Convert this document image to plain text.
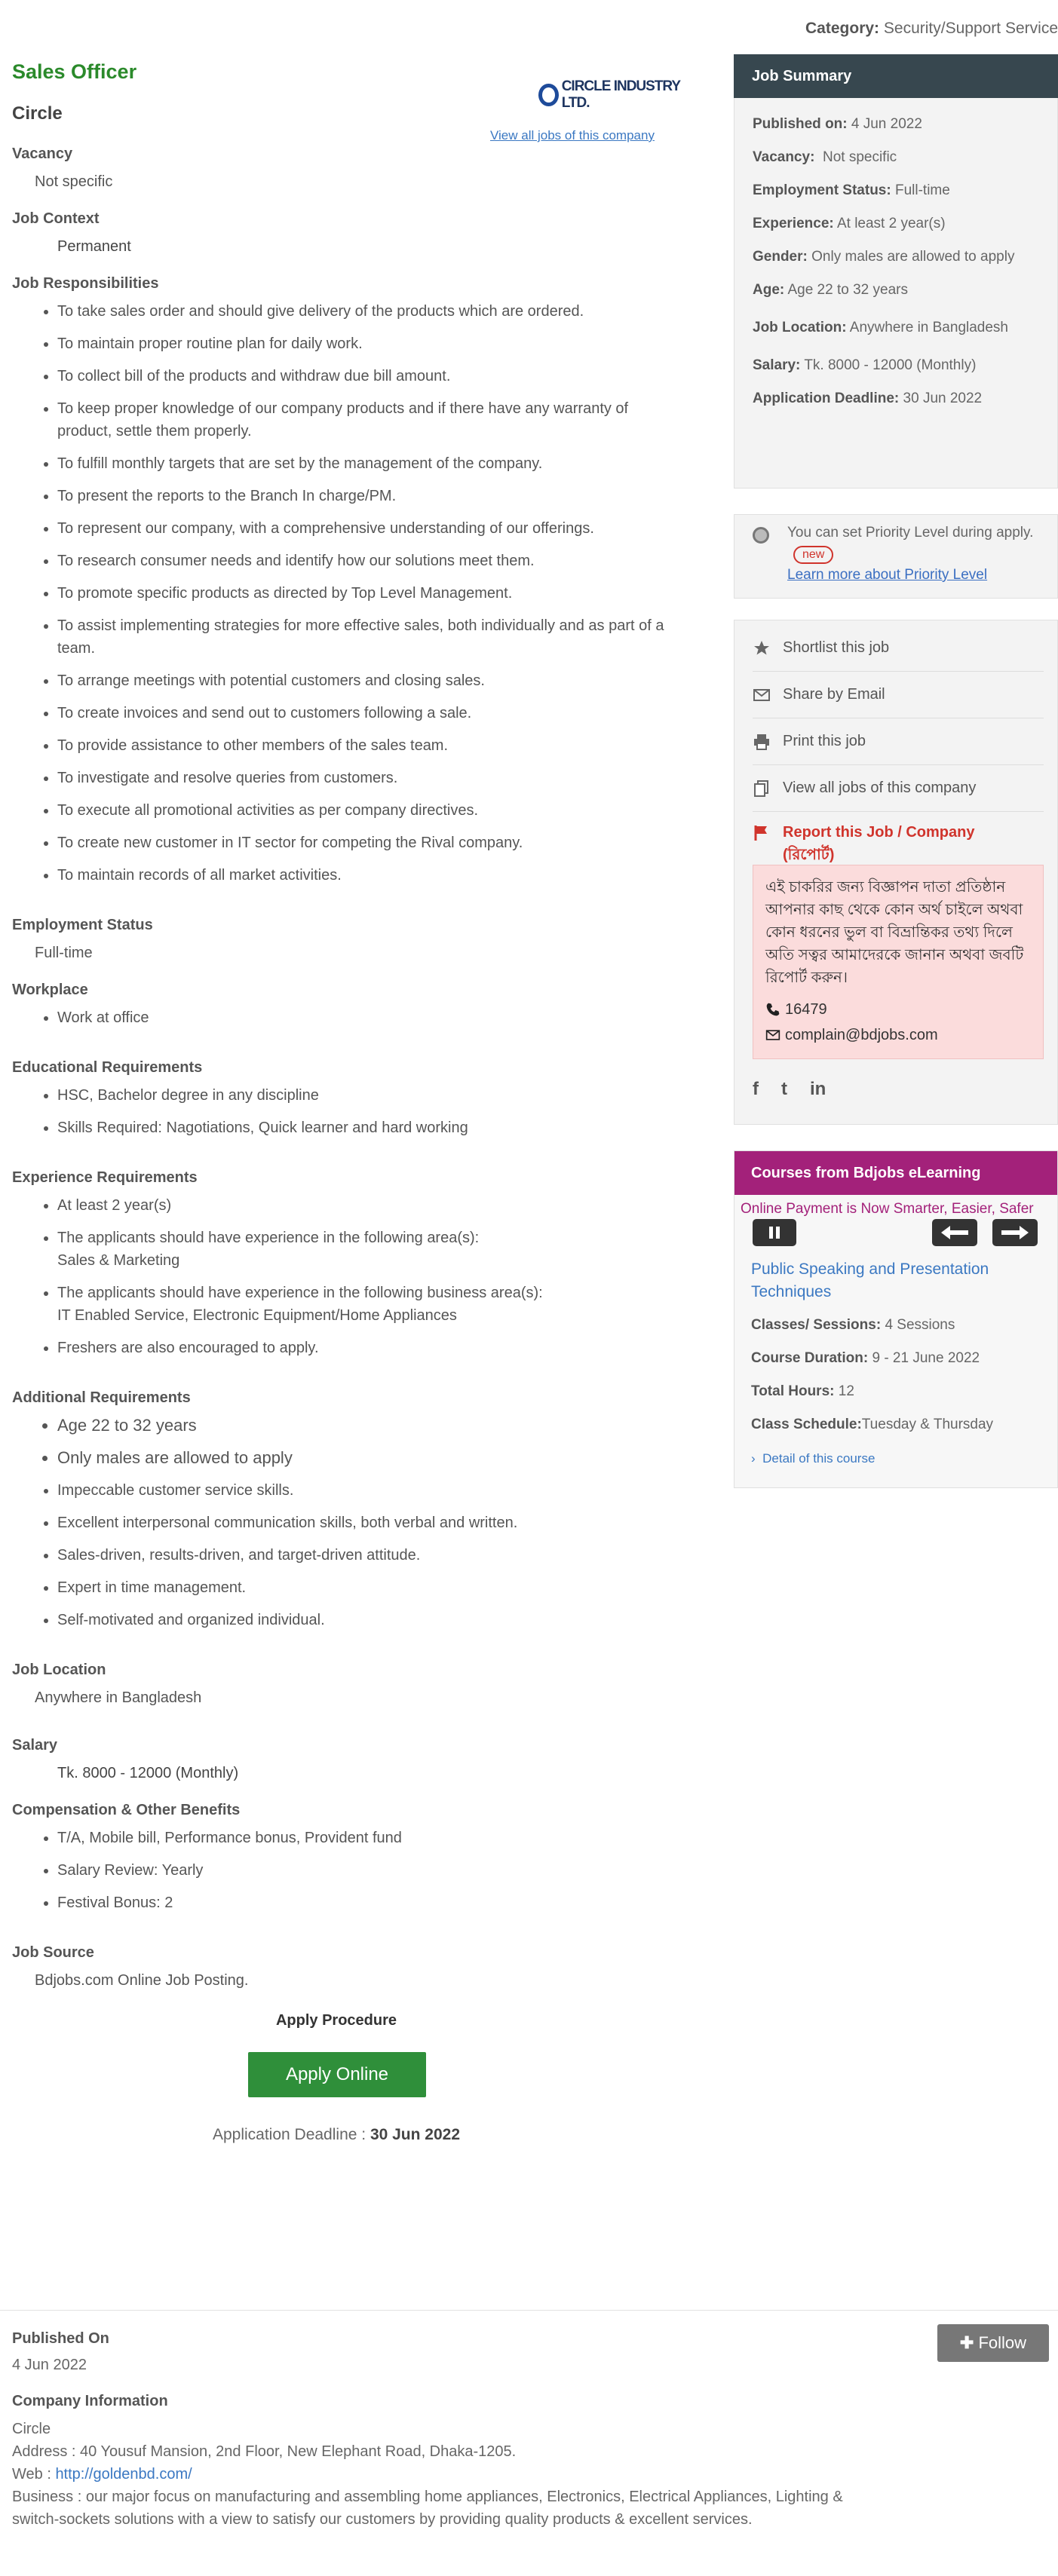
Category: Security/Support Service
Sales Officer
Circle
CIRCLE INDUSTRY LTD.
View all jobs of this company
Vacancy
Not specific
Job Context
Permanent
Job Responsibilities
• To take sales order and should give delivery of the products which are ordered.
• To maintain proper routine plan for daily work.
• To collect bill of the products and withdraw due bill amount.
• To keep proper knowledge of our company products and if there have any warranty of product, settle them properly.
• To fulfill monthly targets that are set by the management of the company.
• To present the reports to the Branch In charge/PM.
• To represent our company, with a comprehensive understanding of our offerings.
• To research consumer needs and identify how our solutions meet them.
• To promote specific products as directed by Top Level Management.
• To assist implementing strategies for more effective sales, both individually and as part of a team.
• To arrange meetings with potential customers and closing sales.
• To create invoices and send out to customers following a sale.
• To provide assistance to other members of the sales team.
• To investigate and resolve queries from customers.
• To execute all promotional activities as per company directives.
• To create new customer in IT sector for competing the Rival company.
• To maintain records of all market activities.
Employment Status
Full-time
Workplace
• Work at office
Educational Requirements
• HSC, Bachelor degree in any discipline
• Skills Required: Nagotiations, Quick learner and hard working
Experience Requirements
• At least 2 year(s)
• The applicants should have experience in the following area(s):
Sales & Marketing
• The applicants should have experience in the following business area(s):
IT Enabled Service, Electronic Equipment/Home Appliances
• Freshers are also encouraged to apply.
Additional Requirements
• Age 22 to 32 years
• Only males are allowed to apply
• Impeccable customer service skills.
• Excellent interpersonal communication skills, both verbal and written.
• Sales-driven, results-driven, and target-driven attitude.
• Expert in time management.
• Self-motivated and organized individual.
Job Location
Anywhere in Bangladesh
Salary
Tk. 8000 - 12000 (Monthly)
Compensation & Other Benefits
• T/A, Mobile bill, Performance bonus, Provident fund
• Salary Review: Yearly
• Festival Bonus: 2
Job Source
Bdjobs.com Online Job Posting.
Apply Procedure
Apply Online
Application Deadline : 30 Jun 2022
✚ Follow
Published On
4 Jun 2022
Company Information
Circle
Address : 40 Yousuf Mansion, 2nd Floor, New Elephant Road, Dhaka-1205.
Web : http://goldenbd.com/
Business : our major focus on manufacturing and assembling home appliances, Electronics, Electrical Appliances, Lighting & switch-sockets solutions with a view to satisfy our customers by providing quality products & excellent services.
Job Summary
Published on: 4 Jun 2022
Vacancy: Not specific
Employment Status: Full-time
Experience: At least 2 year(s)
Gender: Only males are allowed to apply
Age: Age 22 to 32 years
Job Location: Anywhere in Bangladesh
Salary: Tk. 8000 - 12000 (Monthly)
Application Deadline: 30 Jun 2022
You can set Priority Level during apply. new
Learn more about Priority Level
Shortlist this job
Share by Email
Print this job
View all jobs of this company
Report this Job / Company (রিপোর্ট)
এই চাকরির জন্য বিজ্ঞাপন দাতা প্রতিষ্ঠান আপনার কাছ থেকে কোন অর্থ চাইলে অথবা কোন ধরনের ভুল বা বিভ্রান্তিকর তথ্য দিলে অতি সত্বর আমাদেরকে জানান অথবা জবটি রিপোর্ট করুন।
16479
complain@bdjobs.com
f t in
Courses from Bdjobs eLearning
Online Payment is Now Smarter, Easier, Safer
Public Speaking and Presentation Techniques
Classes/ Sessions: 4 Sessions
Course Duration: 9 - 21 June 2022
Total Hours: 12
Class Schedule:Tuesday & Thursday
› Detail of this course
